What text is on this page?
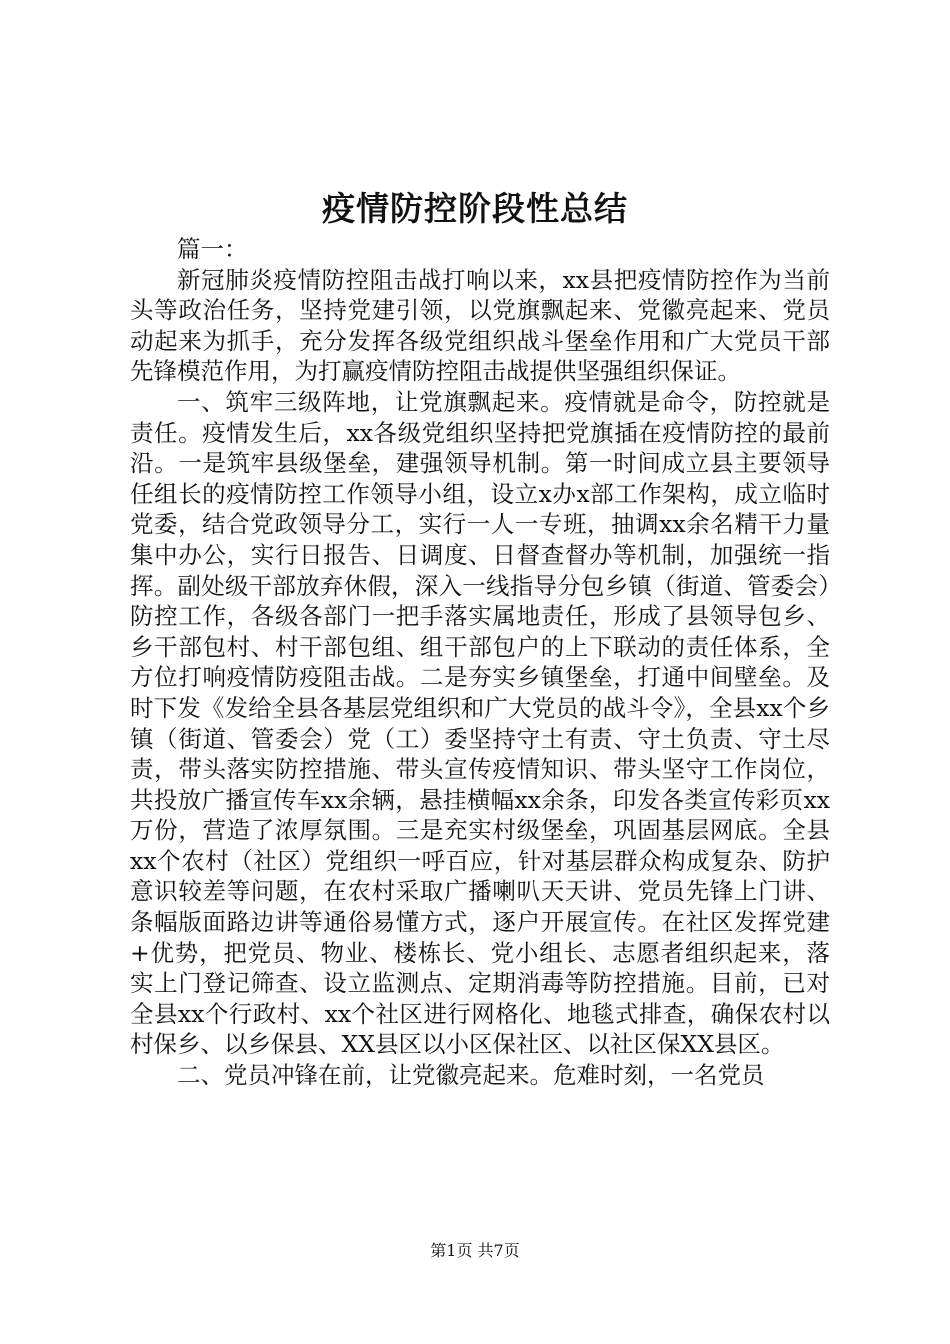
疫情防控阶段性总结

篇一：

新冠肺炎疫情防控阻击战打响以来，xx县把疫情防控作为当前头等政治任务，坚持党建引领，以党旗飘起来、党徽亮起来、党员动起来为抓手，充分发挥各级党组织战斗堡垒作用和广大党员干部先锋模范作用，为打赢疫情防控阻击战提供坚强组织保证。

一、筑牢三级阵地，让党旗飘起来。疫情就是命令，防控就是责任。疫情发生后，xx各级党组织坚持把党旗插在疫情防控的最前沿。一是筑牢县级堡垒，建强领导机制。第一时间成立县主要领导任组长的疫情防控工作领导小组，设立x办x部工作架构，成立临时党委，结合党政领导分工，实行一人一专班，抽调xx余名精干力量集中办公，实行日报告、日调度、日督查督办等机制，加强统一指挥。副处级干部放弃休假，深入一线指导分包乡镇（街道、管委会）防控工作，各级各部门一把手落实属地责任，形成了县领导包乡、乡干部包村、村干部包组、组干部包户的上下联动的责任体系，全方位打响疫情防疫阻击战。二是夯实乡镇堡垒，打通中间壁垒。及时下发《发给全县各基层党组织和广大党员的战斗令》，全县xx个乡镇（街道、管委会）党（工）委坚持守土有责、守土负责、守土尽责，带头落实防控措施、带头宣传疫情知识、带头坚守工作岗位，共投放广播宣传车xx余辆，悬挂横幅xx余条，印发各类宣传彩页xx万份，营造了浓厚氛围。三是充实村级堡垒，巩固基层网底。全县xx个农村（社区）党组织一呼百应，针对基层群众构成复杂、防护意识较差等问题，在农村采取广播喇叭天天讲、党员先锋上门讲、条幅版面路边讲等通俗易懂方式，逐户开展宣传。在社区发挥党建+优势，把党员、物业、楼栋长、党小组长、志愿者组织起来，落实上门登记筛查、设立监测点、定期消毒等防控措施。目前，已对全县xx个行政村、xx个社区进行网格化、地毯式排查，确保农村以村保乡、以乡保县、XX县区以小区保社区、以社区保XX县区。

二、党员冲锋在前，让党徽亮起来。危难时刻，一名党员

第1页 共7页
